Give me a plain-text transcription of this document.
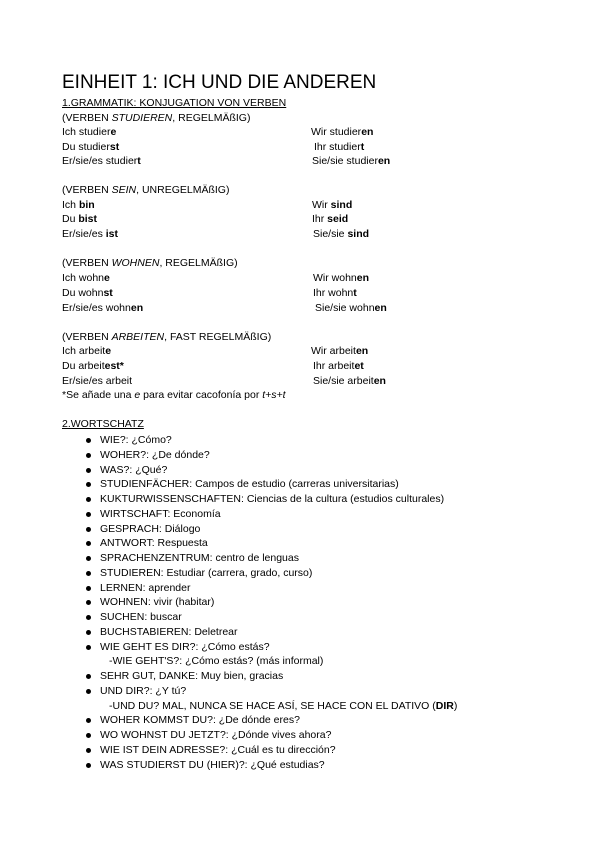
EINHEIT 1: ICH UND DIE ANDEREN
1.GRAMMATIK: KONJUGATION VON VERBEN
(VERBEN STUDIEREN, REGELMÄßIG)
Ich studiere	Wir studieren
Du studierst	Ihr studiert
Er/sie/es studiert	Sie/sie studieren
(VERBEN SEIN, UNREGELMÄßIG)
Ich bin	Wir sind
Du bist	Ihr seid
Er/sie/es ist	Sie/sie sind
(VERBEN WOHNEN, REGELMÄßIG)
Ich wohne	Wir wohnen
Du wohnst	Ihr wohnt
Er/sie/es wohnen	Sie/sie wohnen
(VERBEN ARBEITEN, FAST REGELMÄßIG)
Ich arbeite	Wir arbeiten
Du arbeitest*	Ihr arbeitet
Er/sie/es arbeit	Sie/sie arbeiten
*Se añade una e para evitar cacofonía por t+s+t
2.WORTSCHATZ
WIE?: ¿Cómo?
WOHER?: ¿De dónde?
WAS?: ¿Qué?
STUDIENFÄCHER: Campos de estudio (carreras universitarias)
KUKTURWISSENSCHAFTEN: Ciencias de la cultura (estudios culturales)
WIRTSCHAFT: Economía
GESPRACH: Diálogo
ANTWORT: Respuesta
SPRACHENZENTRUM: centro de lenguas
STUDIEREN: Estudiar (carrera, grado, curso)
LERNEN: aprender
WOHNEN: vivir (habitar)
SUCHEN: buscar
BUCHSTABIEREN: Deletrear
WIE GEHT ES DIR?: ¿Cómo estás?
-WIE GEHT'S?: ¿Cómo estás? (más informal)
SEHR GUT, DANKE: Muy bien, gracias
UND DIR?: ¿Y tú?
-UND DU? MAL, NUNCA SE HACE ASÍ, SE HACE CON EL DATIVO (DIR)
WOHER KOMMST DU?: ¿De dónde eres?
WO WOHNST DU JETZT?: ¿Dónde vives ahora?
WIE IST DEIN ADRESSE?: ¿Cuál es tu dirección?
WAS STUDIERST DU (HIER)?: ¿Qué estudias?
